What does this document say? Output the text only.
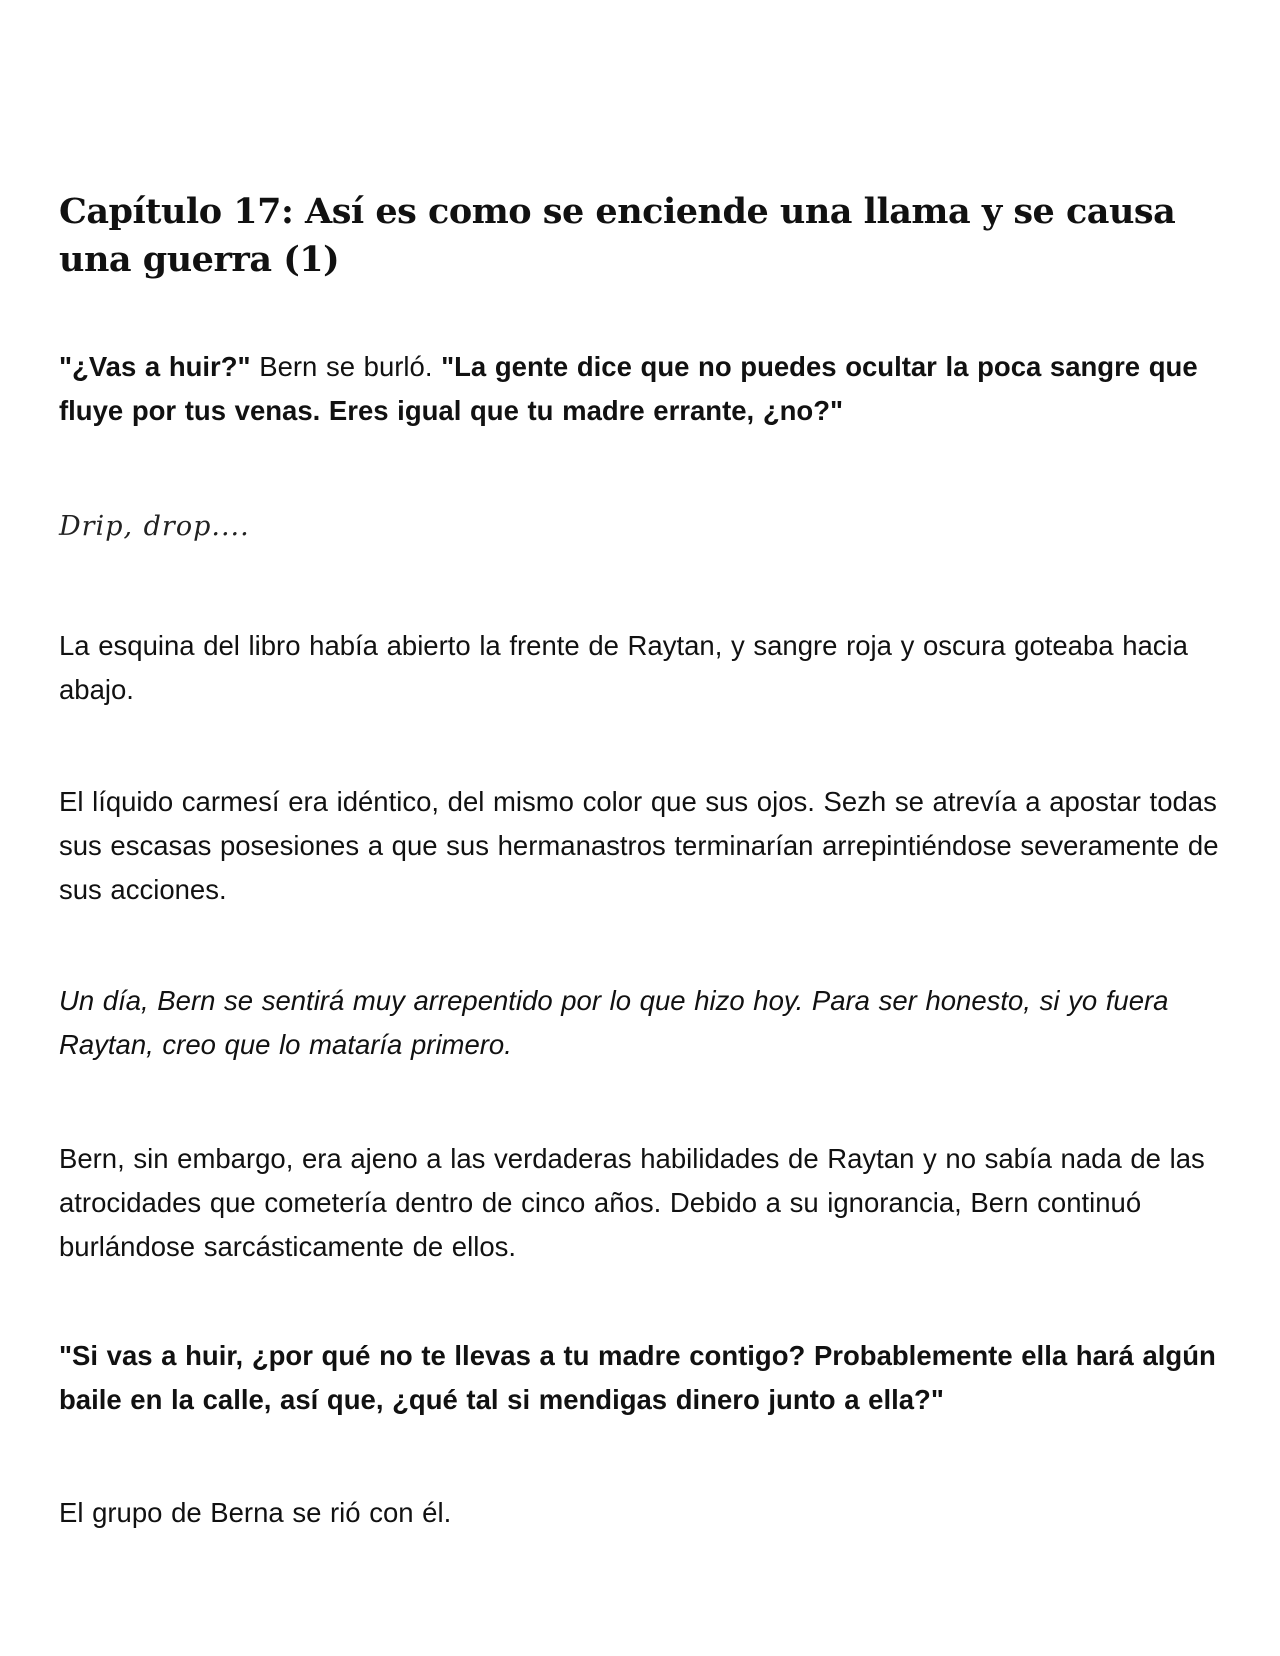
Capítulo 17: Así es como se enciende una llama y se causa una guerra (1)

"¿Vas a huir?" Bern se burló. "La gente dice que no puedes ocultar la poca sangre que fluye por tus venas. Eres igual que tu madre errante, ¿no?"

Drip, drop....

La esquina del libro había abierto la frente de Raytan, y sangre roja y oscura goteaba hacia abajo.

El líquido carmesí era idéntico, del mismo color que sus ojos. Sezh se atrevía a apostar todas sus escasas posesiones a que sus hermanastros terminarían arrepintiéndose severamente de sus acciones.

Un día, Bern se sentirá muy arrepentido por lo que hizo hoy. Para ser honesto, si yo fuera Raytan, creo que lo mataría primero.

Bern, sin embargo, era ajeno a las verdaderas habilidades de Raytan y no sabía nada de las atrocidades que cometería dentro de cinco años. Debido a su ignorancia, Bern continuó burlándose sarcásticamente de ellos.

"Si vas a huir, ¿por qué no te llevas a tu madre contigo? Probablemente ella hará algún baile en la calle, así que, ¿qué tal si mendigas dinero junto a ella?"

El grupo de Berna se rió con él.
